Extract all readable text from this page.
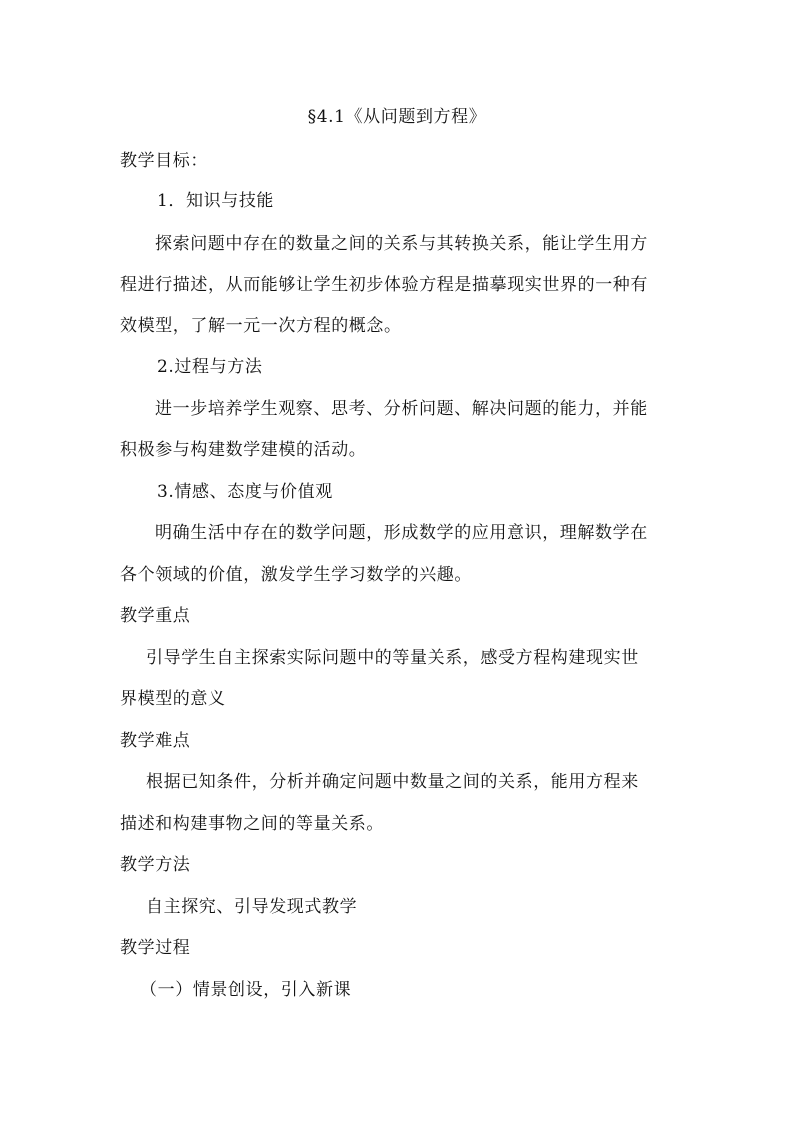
§4.1《从问题到方程》
教学目标：
1．知识与技能
探索问题中存在的数量之间的关系与其转换关系，能让学生用方
程进行描述，从而能够让学生初步体验方程是描摹现实世界的一种有
效模型，了解一元一次方程的概念。
2.过程与方法
进一步培养学生观察、思考、分析问题、解决问题的能力，并能
积极参与构建数学建模的活动。
3.情感、态度与价值观
明确生活中存在的数学问题，形成数学的应用意识，理解数学在
各个领域的价值，激发学生学习数学的兴趣。
教学重点
引导学生自主探索实际问题中的等量关系，感受方程构建现实世
界模型的意义
教学难点
根据已知条件，分析并确定问题中数量之间的关系，能用方程来
描述和构建事物之间的等量关系。
教学方法
自主探究、引导发现式教学
教学过程
（一）情景创设，引入新课
